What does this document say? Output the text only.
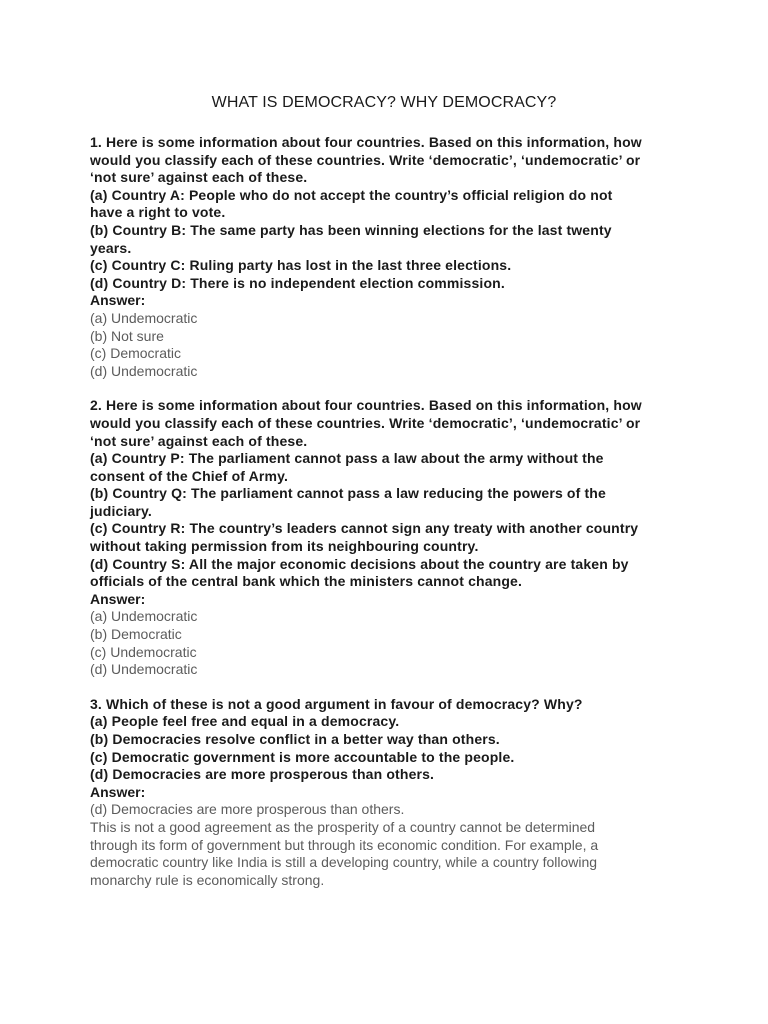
WHAT IS DEMOCRACY? WHY DEMOCRACY?
1. Here is some information about four countries. Based on this information, how
would you classify each of these countries. Write ‘democratic’, ‘undemocratic’ or
‘not sure’ against each of these.
(a) Country A: People who do not accept the country’s official religion do not
have a right to vote.
(b) Country B: The same party has been winning elections for the last twenty
years.
(c) Country C: Ruling party has lost in the last three elections.
(d) Country D: There is no independent election commission.
Answer:
(a) Undemocratic
(b) Not sure
(c) Democratic
(d) Undemocratic
2. Here is some information about four countries. Based on this information, how
would you classify each of these countries. Write ‘democratic’, ‘undemocratic’ or
‘not sure’ against each of these.
(a) Country P: The parliament cannot pass a law about the army without the
consent of the Chief of Army.
(b) Country Q: The parliament cannot pass a law reducing the powers of the
judiciary.
(c) Country R: The country’s leaders cannot sign any treaty with another country
without taking permission from its neighbouring country.
(d) Country S: All the major economic decisions about the country are taken by
officials of the central bank which the ministers cannot change.
Answer:
(a) Undemocratic
(b) Democratic
(c) Undemocratic
(d) Undemocratic
3. Which of these is not a good argument in favour of democracy? Why?
(a) People feel free and equal in a democracy.
(b) Democracies resolve conflict in a better way than others.
(c) Democratic government is more accountable to the people.
(d) Democracies are more prosperous than others.
Answer:
(d) Democracies are more prosperous than others.
This is not a good agreement as the prosperity of a country cannot be determined
through its form of government but through its economic condition. For example, a
democratic country like India is still a developing country, while a country following
monarchy rule is economically strong.
